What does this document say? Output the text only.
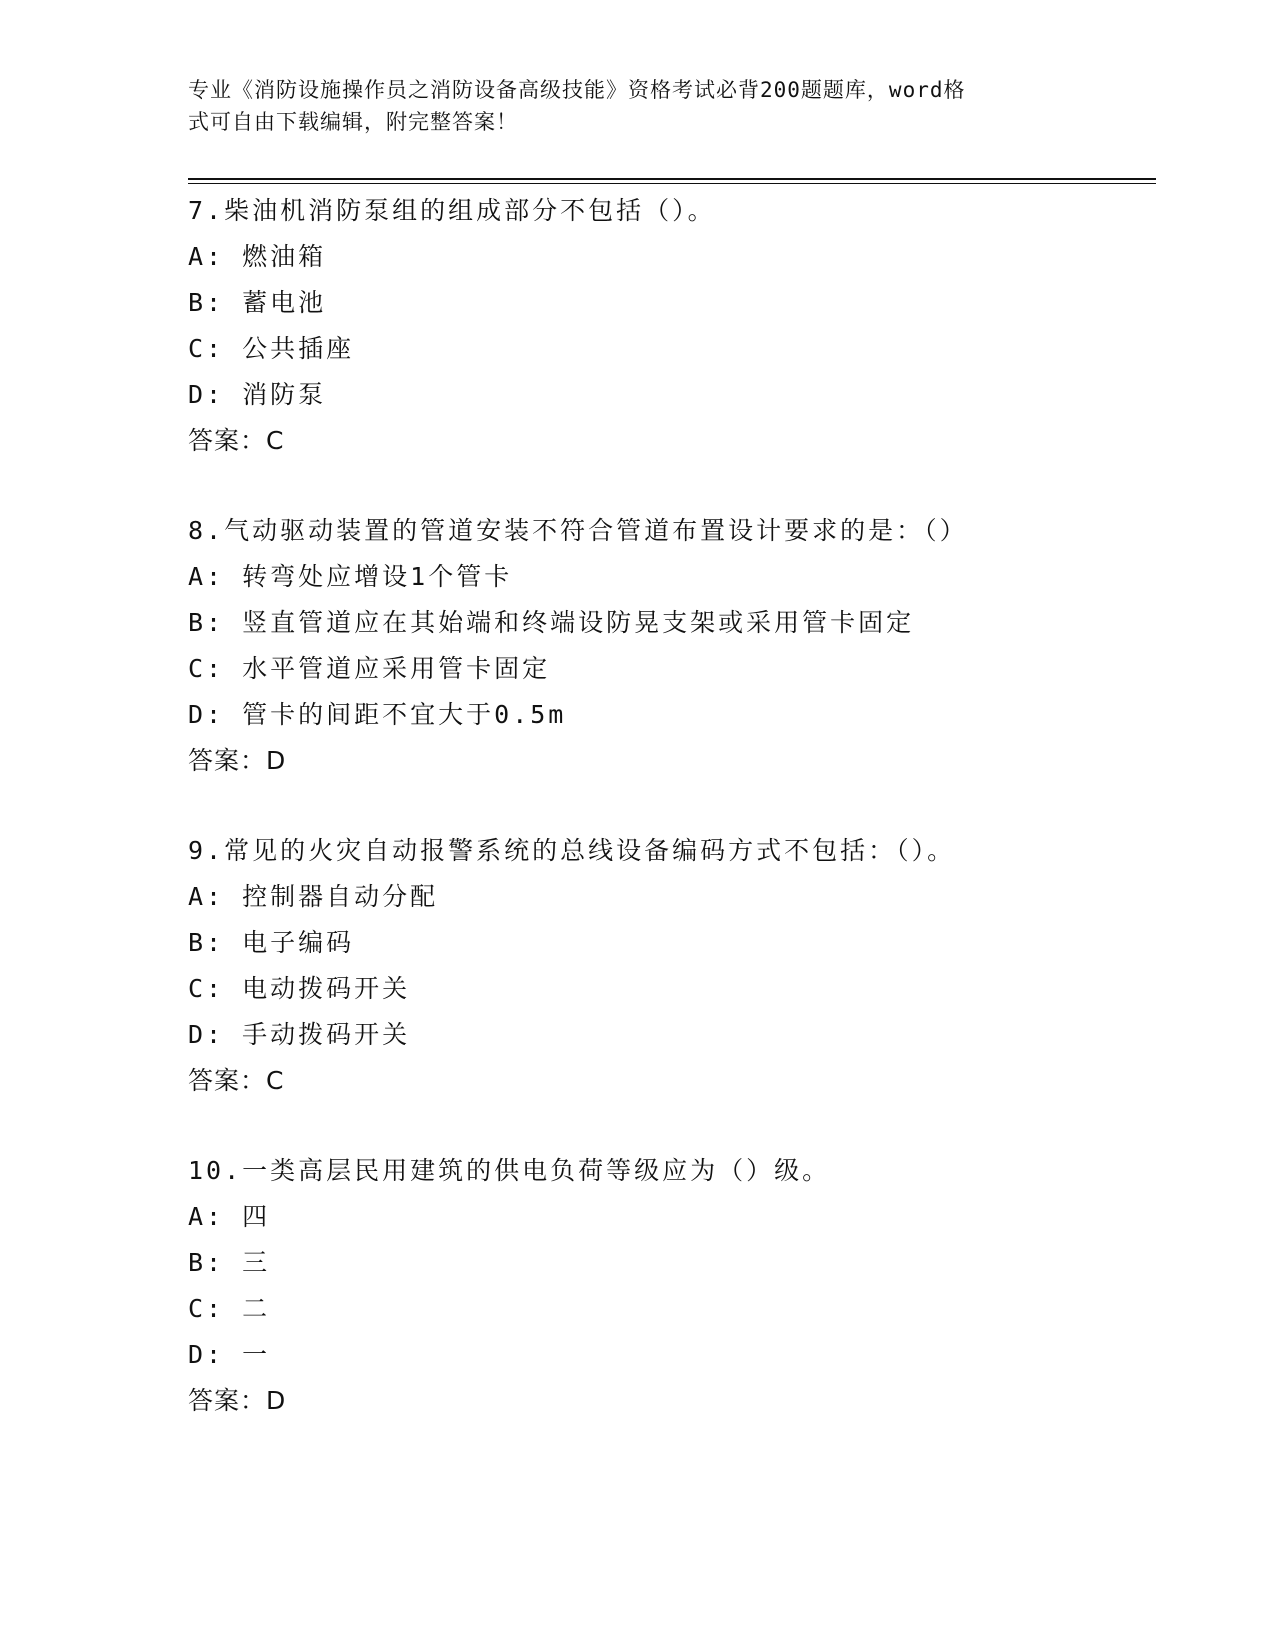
专业《消防设施操作员之消防设备高级技能》资格考试必背200题题库，word格
式可自由下载编辑，附完整答案！
7.柴油机消防泵组的组成部分不包括（）。
A: 燃油箱
B: 蓄电池
C: 公共插座
D: 消防泵
答案：C
8.气动驱动装置的管道安装不符合管道布置设计要求的是：（）
A: 转弯处应增设1个管卡
B: 竖直管道应在其始端和终端设防晃支架或采用管卡固定
C: 水平管道应采用管卡固定
D: 管卡的间距不宜大于0.5m
答案：D
9.常见的火灾自动报警系统的总线设备编码方式不包括：（）。
A: 控制器自动分配
B: 电子编码
C: 电动拨码开关
D: 手动拨码开关
答案：C
10.一类高层民用建筑的供电负荷等级应为（）级。
A: 四
B: 三
C: 二
D: 一
答案：D
